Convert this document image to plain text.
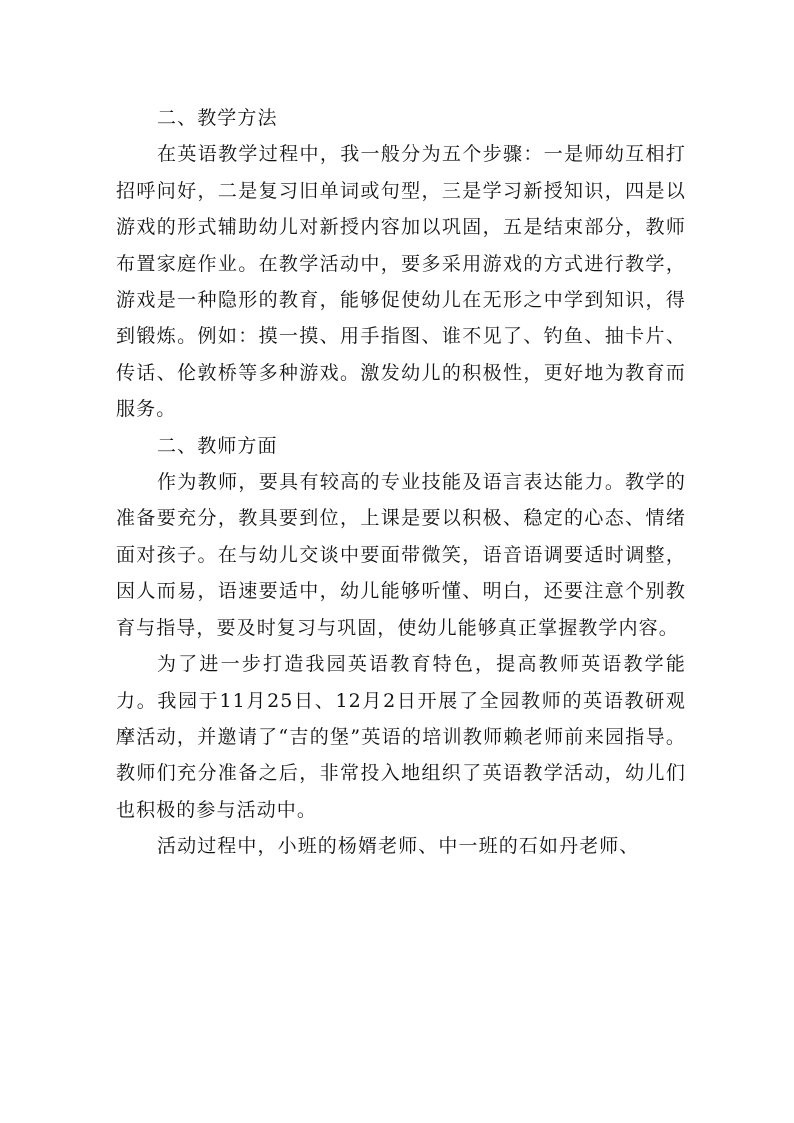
二、教学方法

在英语教学过程中，我一般分为五个步骤：一是师幼互相打招呼问好，二是复习旧单词或句型，三是学习新授知识，四是以游戏的形式辅助幼儿对新授内容加以巩固，五是结束部分，教师布置家庭作业。在教学活动中，要多采用游戏的方式进行教学，游戏是一种隐形的教育，能够促使幼儿在无形之中学到知识，得到锻炼。例如：摸一摸、用手指图、谁不见了、钓鱼、抽卡片、传话、伦敦桥等多种游戏。激发幼儿的积极性，更好地为教育而服务。

二、教师方面

作为教师，要具有较高的专业技能及语言表达能力。教学的准备要充分，教具要到位，上课是要以积极、稳定的心态、情绪面对孩子。在与幼儿交谈中要面带微笑，语音语调要适时调整，因人而易，语速要适中，幼儿能够听懂、明白，还要注意个别教育与指导，要及时复习与巩固，使幼儿能够真正掌握教学内容。

为了进一步打造我园英语教育特色，提高教师英语教学能力。我园于11月25日、12月2日开展了全园教师的英语教研观摩活动，并邀请了“吉的堡”英语的培训教师赖老师前来园指导。教师们充分准备之后，非常投入地组织了英语教学活动，幼儿们也积极的参与活动中。

活动过程中，小班的杨婿老师、中一班的石如丹老师、
